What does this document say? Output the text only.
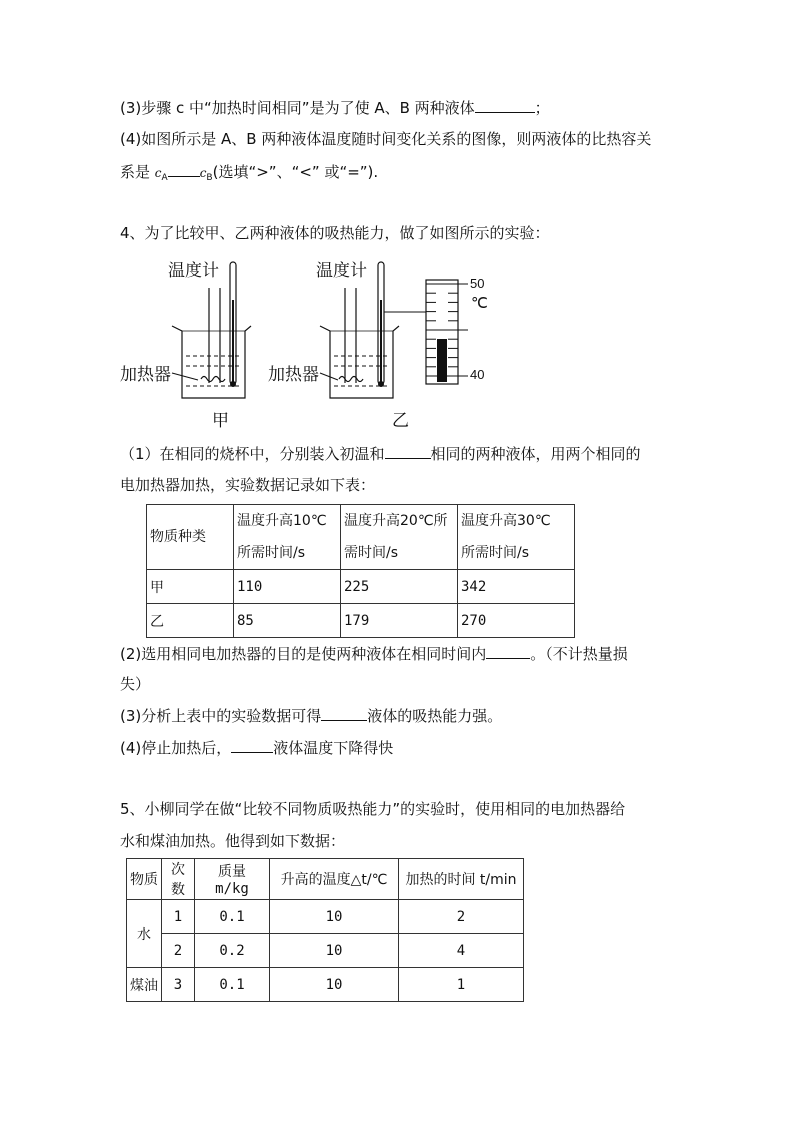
(3)步骤 c 中“加热时间相同”是为了使 A、B 两种液体	；
(4)如图所示是 A、B 两种液体温度随时间变化关系的图像，则两液体的比热容关
系是 $c_A$	$c_B$(选填“>”、“<” 或“=”).
4、为了比较甲、乙两种液体的吸热能力，做了如图所示的实验：
温度计
加热器
甲
温度计
加热器
乙
50
℃
40
（1）在相同的烧杯中，分别装入初温和	相同的两种液体，用两个相同的
电加热器加热，实验数据记录如下表：
物质种类	温度升高10℃
所需时间/s	温度升高20℃所
需时间/s	温度升高30℃
所需时间/s
甲	110	225	342
乙	85	179	270
(2)选用相同电加热器的目的是使两种液体在相同时间内	。（不计热量损
失）
(3)分析上表中的实验数据可得	液体的吸热能力强。
(4)停止加热后，	液体温度下降得快
5、小柳同学在做“比较不同物质吸热能力”的实验时，使用相同的电加热器给
水和煤油加热。他得到如下数据：
物质	次数	质量 m/kg	升高的温度△t/℃	加热的时间 t/min
水	1	0.1	10	2
	2	0.2	10	4
煤油	3	0.1	10	1
